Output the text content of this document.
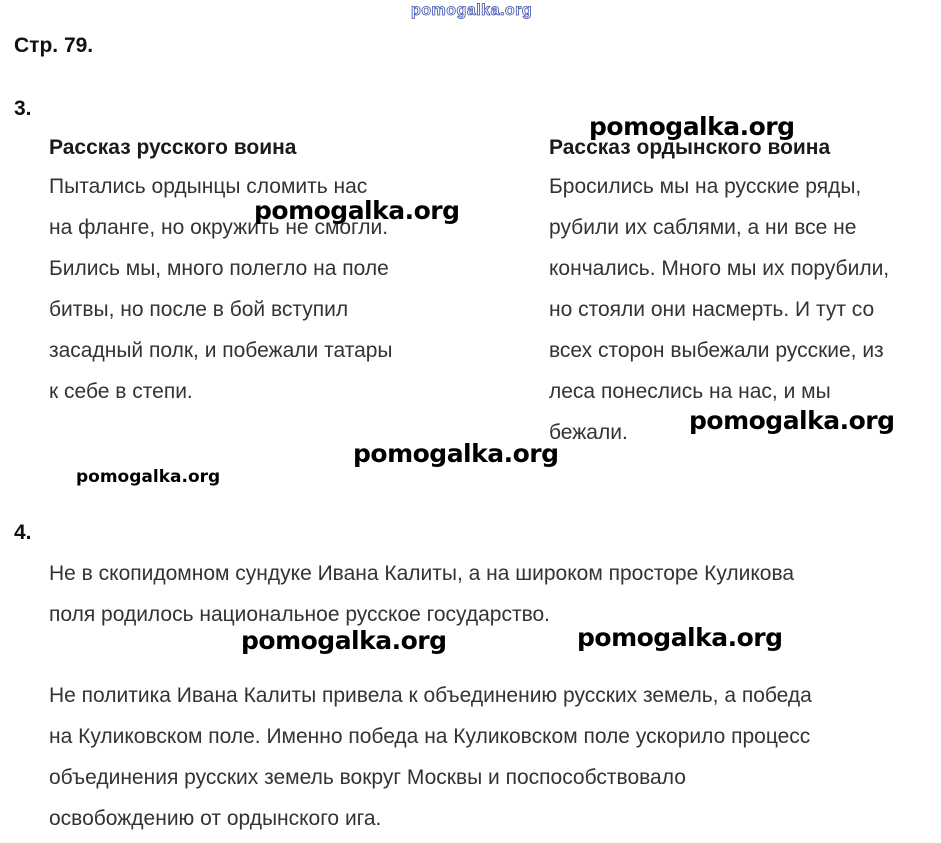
pomogalka.org
Стр. 79.
3.
Рассказ русского воина
Пытались ордынцы сломить нас
на фланге, но окружить не смогли.
Бились мы, много полегло на поле
битвы, но после в бой вступил
засадный полк, и побежали татары
к себе в степи.
Рассказ ордынского воина
Бросились мы на русские ряды,
рубили их саблями, а ни все не
кончались. Много мы их порубили,
но стояли они насмерть. И тут со
всех сторон выбежали русские, из
леса понеслись на нас, и мы
бежали.
4.
Не в скопидомном сундуке Ивана Калиты, а на широком просторе Куликова
поля родилось национальное русское государство.
Не политика Ивана Калиты привела к объединению русских земель, а победа
на Куликовском поле. Именно победа на Куликовском поле ускорило процесс
объединения русских земель вокруг Москвы и поспособствовало
освобождению от ордынского ига.
pomogalka.org
pomogalka.org
pomogalka.org
pomogalka.org
pomogalka.org
pomogalka.org	pomogalka.org
